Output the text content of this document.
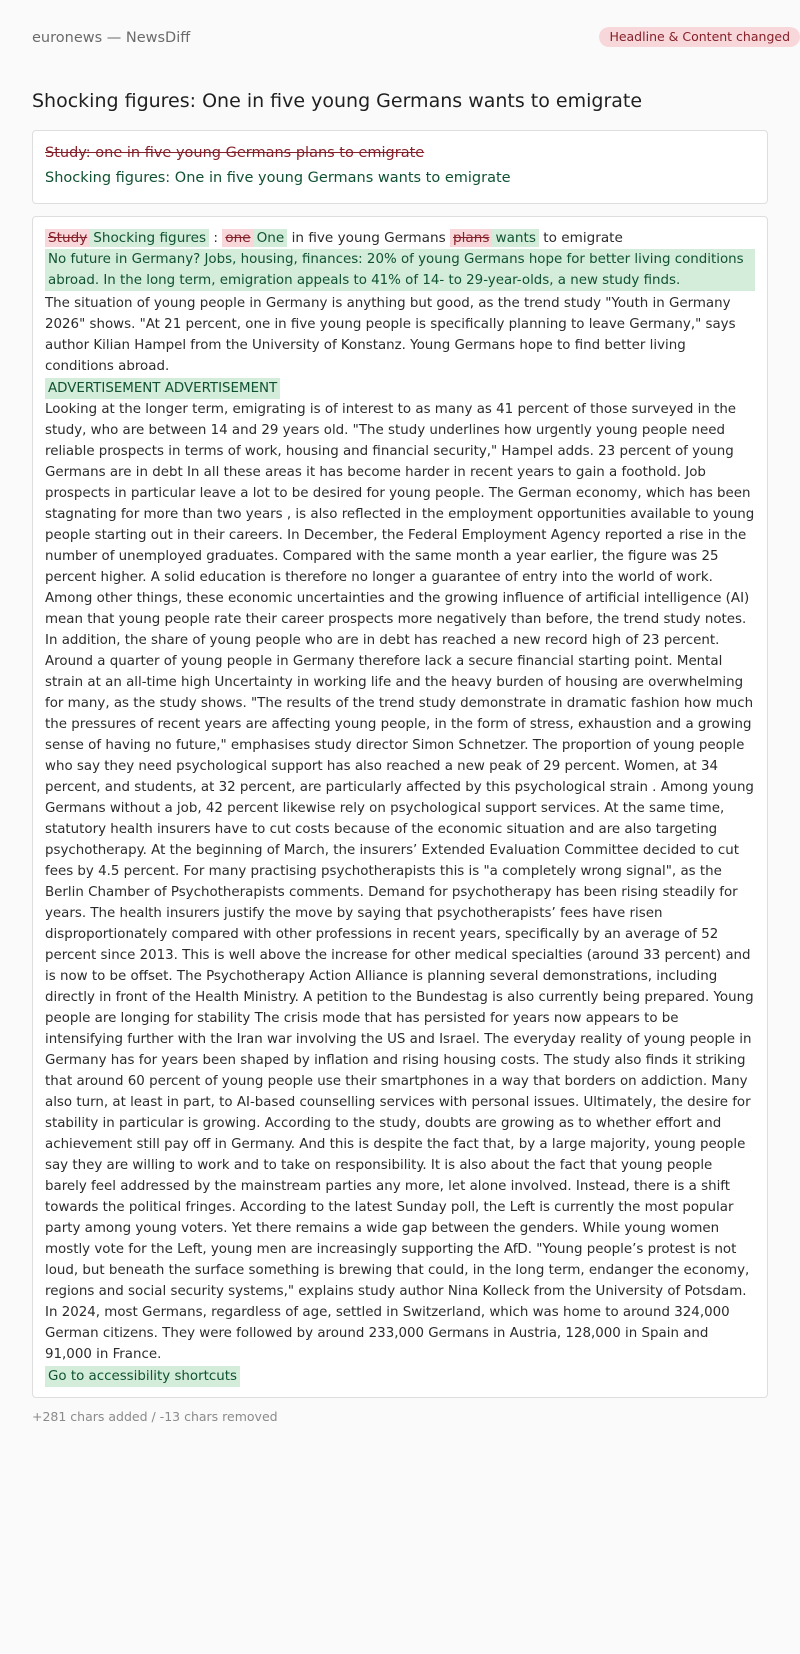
euronews — NewsDiff	Headline & Content changed
Shocking figures: One in five young Germans wants to emigrate
Study: one in five young Germans plans to emigrate
Shocking figures: One in five young Germans wants to emigrate
Study Shocking figures : one One in five young Germans plans wants to emigrate
No future in Germany? Jobs, housing, finances: 20% of young Germans hope for better living conditions abroad. In the long term, emigration appeals to 41% of 14- to 29-year-olds, a new study finds.

The situation of young people in Germany is anything but good, as the trend study "Youth in Germany 2026" shows. "At 21 percent, one in five young people is specifically planning to leave Germany," says author Kilian Hampel from the University of Konstanz. Young Germans hope to find better living conditions abroad.

ADVERTISEMENT ADVERTISEMENT

Looking at the longer term, emigrating is of interest to as many as 41 percent of those surveyed in the study, who are between 14 and 29 years old. "The study underlines how urgently young people need reliable prospects in terms of work, housing and financial security," Hampel adds. 23 percent of young Germans are in debt In all these areas it has become harder in recent years to gain a foothold. Job prospects in particular leave a lot to be desired for young people. The German economy, which has been stagnating for more than two years , is also reflected in the employment opportunities available to young people starting out in their careers. In December, the Federal Employment Agency reported a rise in the number of unemployed graduates. Compared with the same month a year earlier, the figure was 25 percent higher. A solid education is therefore no longer a guarantee of entry into the world of work. Among other things, these economic uncertainties and the growing influence of artificial intelligence (AI) mean that young people rate their career prospects more negatively than before, the trend study notes. In addition, the share of young people who are in debt has reached a new record high of 23 percent. Around a quarter of young people in Germany therefore lack a secure financial starting point. Mental strain at an all-time high Uncertainty in working life and the heavy burden of housing are overwhelming for many, as the study shows. "The results of the trend study demonstrate in dramatic fashion how much the pressures of recent years are affecting young people, in the form of stress, exhaustion and a growing sense of having no future," emphasises study director Simon Schnetzer. The proportion of young people who say they need psychological support has also reached a new peak of 29 percent. Women, at 34 percent, and students, at 32 percent, are particularly affected by this psychological strain . Among young Germans without a job, 42 percent likewise rely on psychological support services. At the same time, statutory health insurers have to cut costs because of the economic situation and are also targeting psychotherapy. At the beginning of March, the insurers’ Extended Evaluation Committee decided to cut fees by 4.5 percent. For many practising psychotherapists this is "a completely wrong signal", as the Berlin Chamber of Psychotherapists comments. Demand for psychotherapy has been rising steadily for years. The health insurers justify the move by saying that psychotherapists’ fees have risen disproportionately compared with other professions in recent years, specifically by an average of 52 percent since 2013. This is well above the increase for other medical specialties (around 33 percent) and is now to be offset. The Psychotherapy Action Alliance is planning several demonstrations, including directly in front of the Health Ministry. A petition to the Bundestag is also currently being prepared. Young people are longing for stability The crisis mode that has persisted for years now appears to be intensifying further with the Iran war involving the US and Israel. The everyday reality of young people in Germany has for years been shaped by inflation and rising housing costs. The study also finds it striking that around 60 percent of young people use their smartphones in a way that borders on addiction. Many also turn, at least in part, to AI-based counselling services with personal issues. Ultimately, the desire for stability in particular is growing. According to the study, doubts are growing as to whether effort and achievement still pay off in Germany. And this is despite the fact that, by a large majority, young people say they are willing to work and to take on responsibility. It is also about the fact that young people barely feel addressed by the mainstream parties any more, let alone involved. Instead, there is a shift towards the political fringes. According to the latest Sunday poll, the Left is currently the most popular party among young voters. Yet there remains a wide gap between the genders. While young women mostly vote for the Left, young men are increasingly supporting the AfD. "Young people’s protest is not loud, but beneath the surface something is brewing that could, in the long term, endanger the economy, regions and social security systems," explains study author Nina Kolleck from the University of Potsdam. In 2024, most Germans, regardless of age, settled in Switzerland, which was home to around 324,000 German citizens. They were followed by around 233,000 Germans in Austria, 128,000 in Spain and 91,000 in France.

Go to accessibility shortcuts
+281 chars added / -13 chars removed
